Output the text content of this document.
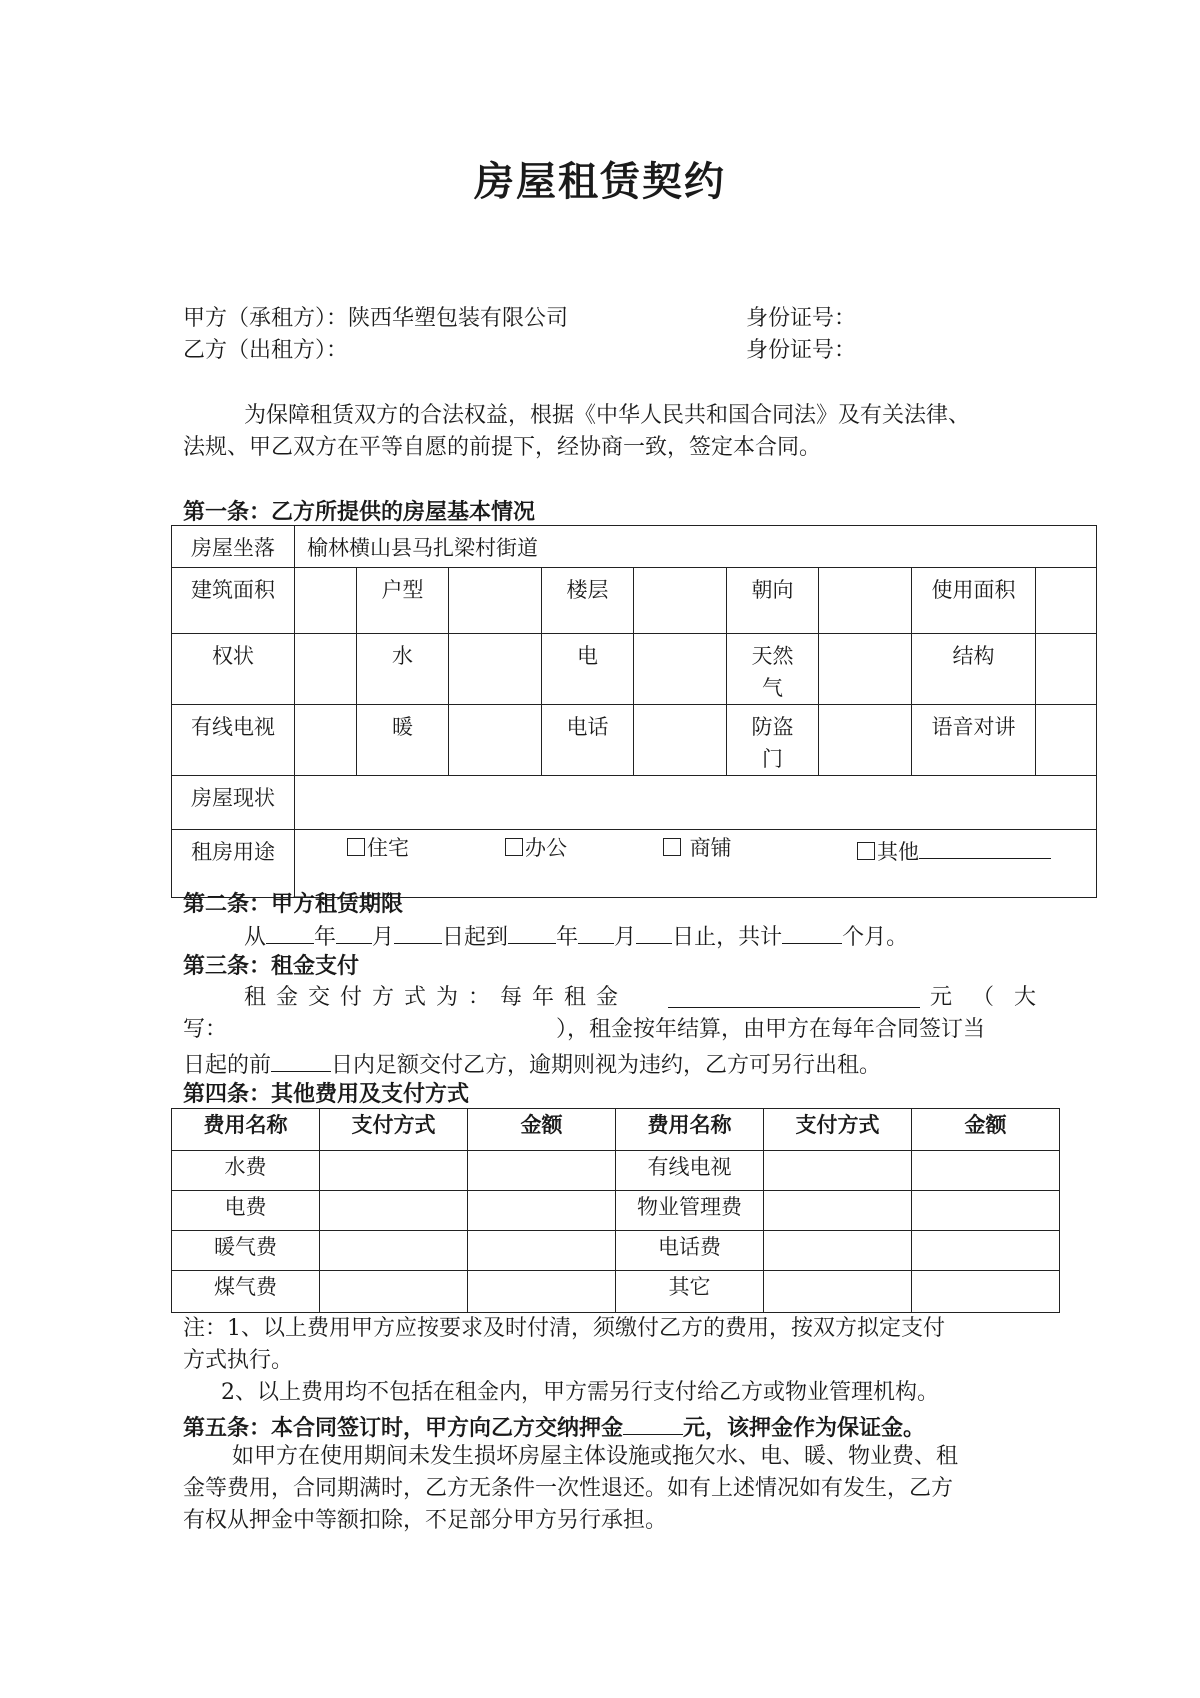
房屋租赁契约
甲方（承租方）：陕西华塑包装有限公司	身份证号：
乙方（出租方）：	身份证号：
为保障租赁双方的合法权益，根据《中华人民共和国合同法》及有关法律、
法规、甲乙双方在平等自愿的前提下，经协商一致，签定本合同。
第一条：乙方所提供的房屋基本情况
房屋坐落	榆林横山县马扎梁村街道								
建筑面积		户型		楼层		朝向		使用面积	
权状		水		电		天然气		结构	
有线电视		暖		电话		防盗门		语音对讲	
房屋现状									
租房用途	住宅 办公 商铺 其他								
第二条：甲方租赁期限
从 年 月 日起到 年 月 日止，共计	个月。
第三条：租金支付
租金交付方式为：每年租金	元（大
写：	），租金按年结算，由甲方在每年合同签订当
日起的前	日内足额交付乙方，逾期则视为违约，乙方可另行出租。
第四条：其他费用及支付方式
费用名称	支付方式	金额	费用名称	支付方式	金额
水费			有线电视		
电费			物业管理费		
暖气费			电话费		
煤气费			其它		
注：1、以上费用甲方应按要求及时付清，须缴付乙方的费用，按双方拟定支付
方式执行。
2、以上费用均不包括在租金内，甲方需另行支付给乙方或物业管理机构。
第五条：本合同签订时，甲方向乙方交纳押金	元，该押金作为保证金。
如甲方在使用期间未发生损坏房屋主体设施或拖欠水、电、暖、物业费、租
金等费用，合同期满时，乙方无条件一次性退还。如有上述情况如有发生，乙方
有权从押金中等额扣除，不足部分甲方另行承担。
